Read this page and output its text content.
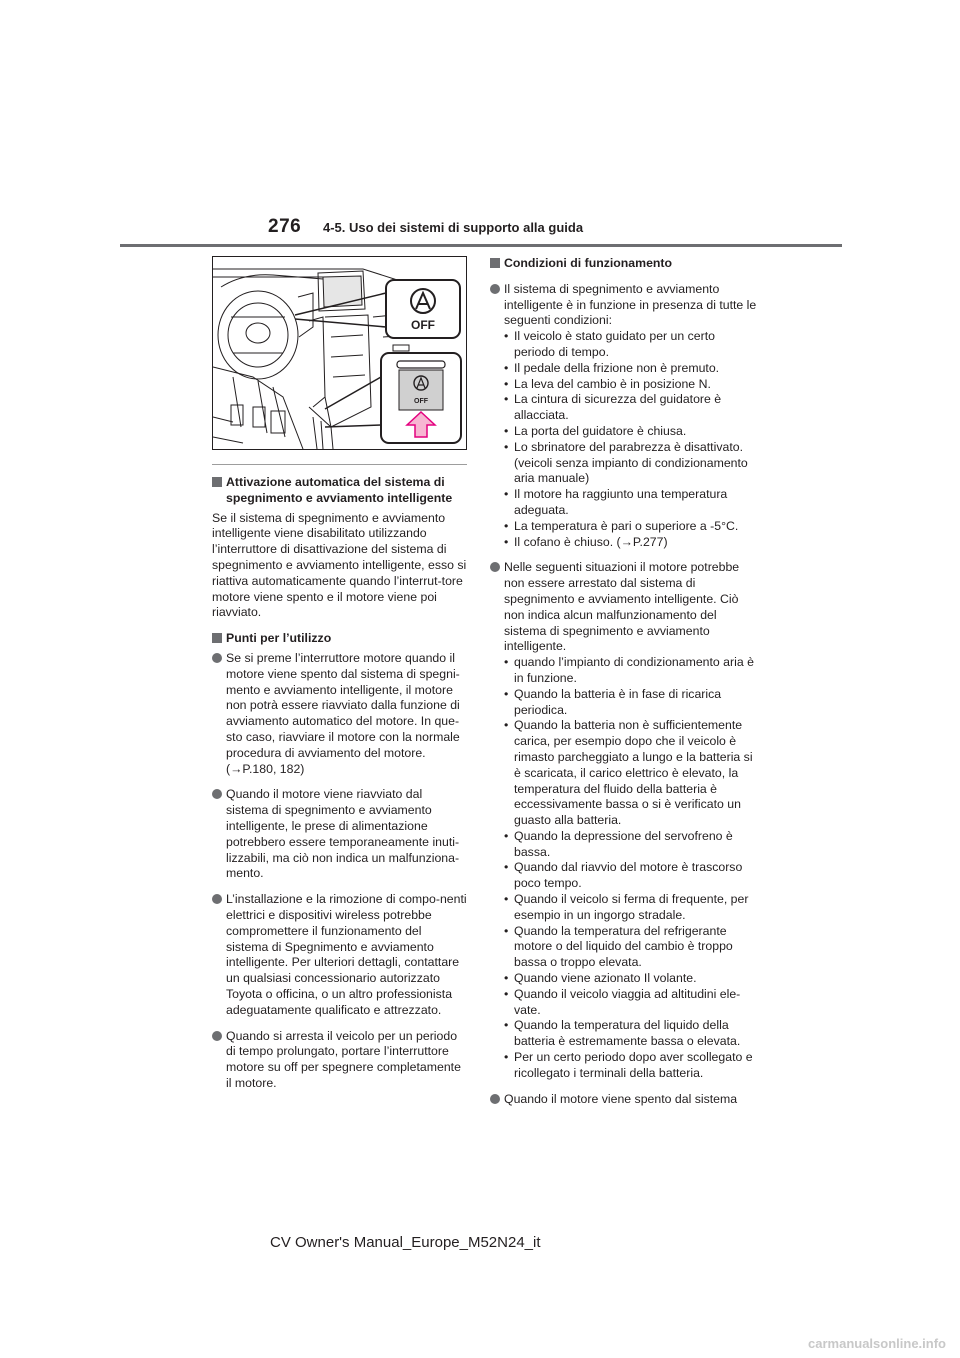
276 4-5. Uso dei sistemi di supporto alla guida
OFF
OFF
Attivazione automatica del sistema di spegnimento e avviamento intelligente

Se il sistema di spegnimento e avviamento intelligente viene disabilitato utilizzando l’interruttore di disattivazione del sistema di spegnimento e avviamento intelligente, esso si riattiva automaticamente quando l’interrut-tore motore viene spento e il motore viene poi riavviato.

Punti per l’utilizzo

Se si preme l’interruttore motore quando il motore viene spento dal sistema di spegni-mento e avviamento intelligente, il motore non potrà essere riavviato dalla funzione di avviamento automatico del motore. In que-sto caso, riavviare il motore con la normale procedura di avviamento del motore. (→P.180, 182)

Quando il motore viene riavviato dal sistema di spegnimento e avviamento intelligente, le prese di alimentazione potrebbero essere temporaneamente inuti-lizzabili, ma ciò non indica un malfunziona-mento.

L’installazione e la rimozione di compo-nenti elettrici e dispositivi wireless potrebbe compromettere il funzionamento del sistema di Spegnimento e avviamento intelligente. Per ulteriori dettagli, contattare un qualsiasi concessionario autorizzato Toyota o officina, o un altro professionista adeguatamente qualificato e attrezzato.

Quando si arresta il veicolo per un periodo di tempo prolungato, portare l’interruttore motore su off per spegnere completamente il motore.

Condizioni di funzionamento
Il sistema di spegnimento e avviamento intelligente è in funzione in presenza di tutte le seguenti condizioni:
• Il veicolo è stato guidato per un certo periodo di tempo.
• Il pedale della frizione non è premuto.
• La leva del cambio è in posizione N.
• La cintura di sicurezza del guidatore è allacciata.
• La porta del guidatore è chiusa.
• Lo sbrinatore del parabrezza è disattivato. (veicoli senza impianto di condizionamento aria manuale)
• Il motore ha raggiunto una temperatura adeguata.
• La temperatura è pari o superiore a -5°C.
• Il cofano è chiuso. (→P.277)
Nelle seguenti situazioni il motore potrebbe non essere arrestato dal sistema di spegnimento e avviamento intelligente. Ciò non indica alcun malfunzionamento del sistema di spegnimento e avviamento intelligente.
• quando l’impianto di condizionamento aria è in funzione.
• Quando la batteria è in fase di ricarica periodica.
• Quando la batteria non è sufficientemente carica, per esempio dopo che il veicolo è rimasto parcheggiato a lungo e la batteria si è scaricata, il carico elettrico è elevato, la temperatura del fluido della batteria è eccessivamente bassa o si è verificato un guasto alla batteria.
• Quando la depressione del servofreno è bassa.
• Quando dal riavvio del motore è trascorso poco tempo.
• Quando il veicolo si ferma di frequente, per esempio in un ingorgo stradale.
• Quando la temperatura del refrigerante motore o del liquido del cambio è troppo bassa o troppo elevata.
• Quando viene azionato Il volante.
• Quando il veicolo viaggia ad altitudini ele-vate.
• Quando la temperatura del liquido della batteria è estremamente bassa o elevata.
• Per un certo periodo dopo aver scollegato e ricollegato i terminali della batteria.

Quando il motore viene spento dal sistema

CV Owner's Manual_Europe_M52N24_it
carmanualsonline.info
